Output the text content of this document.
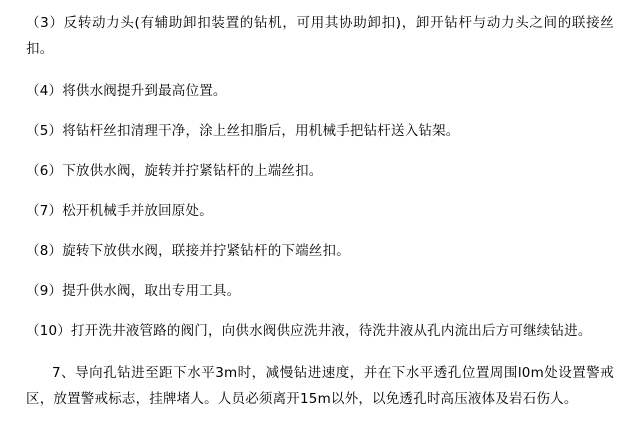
（3）反转动力头(有辅助卸扣装置的钻机，可用其协助卸扣)，卸开钻杆与动力头之间的联接丝扣。

（4）将供水阀提升到最高位置。

（5）将钻杆丝扣清理干净，涂上丝扣脂后，用机械手把钻杆送入钻架。

（6）下放供水阀，旋转并拧紧钻杆的上端丝扣。

（7）松开机械手并放回原处。

（8）旋转下放供水阀，联接并拧紧钻杆的下端丝扣。

（9）提升供水阀，取出专用工具。

（10）打开洗井液管路的阀门，向供水阀供应洗井液，待洗井液从孔内流出后方可继续钻进。

7、导向孔钻进至距下水平3m时，减慢钻进速度，并在下水平透孔位置周围l0m处设置警戒区，放置警戒标志，挂牌堵人。人员必须离开15m以外，以免透孔时高压液体及岩石伤人。
